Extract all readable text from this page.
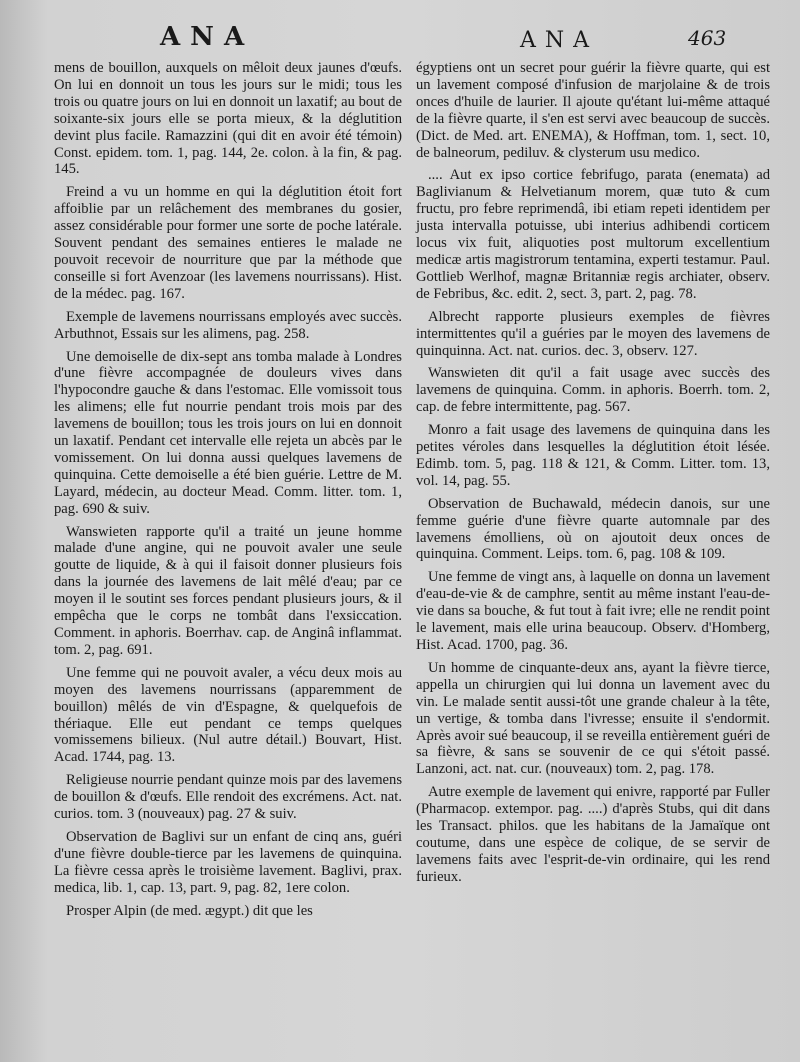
ANA	ANA	463

mens de bouillon, auxquels on mêloit deux jaunes d'œufs. On lui en donnoit un tous les jours sur le midi; tous les trois ou quatre jours on lui en donnoit un laxatif; au bout de soixante-six jours elle se porta mieux, & la déglutition devint plus facile. Ramazzini (qui dit en avoir été témoin) Const. epidem. tom. 1, pag. 144, 2e. colon. à la fin, & pag. 145.

Freind a vu un homme en qui la déglutition étoit fort affoiblie par un relâchement des membranes du gosier, assez considérable pour former une sorte de poche latérale. Souvent pendant des semaines entieres le malade ne pouvoit recevoir de nourriture que par la méthode que conseille si fort Avenzoar (les lavemens nourrissans). Hist. de la médec. pag. 167.

Exemple de lavemens nourrissans employés avec succès. Arbuthnot, Essais sur les alimens, pag. 258.

Une demoiselle de dix-sept ans tomba malade à Londres d'une fièvre accompagnée de douleurs vives dans l'hypocondre gauche & dans l'estomac. Elle vomissoit tous les alimens; elle fut nourrie pendant trois mois par des lavemens de bouillon; tous les trois jours on lui en donnoit un laxatif. Pendant cet intervalle elle rejeta un abcès par le vomissement. On lui donna aussi quelques lavemens de quinquina. Cette demoiselle a été bien guérie. Lettre de M. Layard, médecin, au docteur Mead. Comm. litter. tom. 1, pag. 690 & suiv.

Wanswieten rapporte qu'il a traité un jeune homme malade d'une angine, qui ne pouvoit avaler une seule goutte de liquide, & à qui il faisoit donner plusieurs fois dans la journée des lavemens de lait mêlé d'eau; par ce moyen il le soutint ses forces pendant plusieurs jours, & il empêcha que le corps ne tombât dans l'exsiccation. Comment. in aphoris. Boerrhav. cap. de Anginâ inflammat. tom. 2, pag. 691.

Une femme qui ne pouvoit avaler, a vécu deux mois au moyen des lavemens nourrissans (apparemment de bouillon) mêlés de vin d'Espagne, & quelquefois de thériaque. Elle eut pendant ce temps quelques vomissemens bilieux. (Nul autre détail.) Bouvart, Hist. Acad. 1744, pag. 13.

Religieuse nourrie pendant quinze mois par des lavemens de bouillon & d'œufs. Elle rendoit des excrémens. Act. nat. curios. tom. 3 (nouveaux) pag. 27 & suiv.

Observation de Baglivi sur un enfant de cinq ans, guéri d'une fièvre double-tierce par les lavemens de quinquina. La fièvre cessa après le troisième lavement. Baglivi, prax. medica, lib. 1, cap. 13, part. 9, pag. 82, 1ere colon.

Prosper Alpin (de med. ægypt.) dit que les

égyptiens ont un secret pour guérir la fièvre quarte, qui est un lavement composé d'infusion de marjolaine & de trois onces d'huile de laurier. Il ajoute qu'étant lui-même attaqué de la fièvre quarte, il s'en est servi avec beaucoup de succès. (Dict. de Med. art. ENEMA), & Hoffman, tom. 1, sect. 10, de balneorum, pediluv. & clysterum usu medico.

.... Aut ex ipso cortice febrifugo, parata (enemata) ad Baglivianum & Helvetianum morem, quæ tuto & cum fructu, pro febre reprimendâ, ibi etiam repeti identidem per justa intervalla potuisse, ubi interius adhibendi corticem locus vix fuit, aliquoties post multorum excellentium medicæ artis magistrorum tentamina, experti testamur. Paul. Gottlieb Werlhof, magnæ Britanniæ regis archiater, observ. de Febribus, &c. edit. 2, sect. 3, part. 2, pag. 78.

Albrecht rapporte plusieurs exemples de fièvres intermittentes qu'il a guéries par le moyen des lavemens de quinquinna. Act. nat. curios. dec. 3, observ. 127.

Wanswieten dit qu'il a fait usage avec succès des lavemens de quinquina. Comm. in aphoris. Boerrh. tom. 2, cap. de febre intermittente, pag. 567.

Monro a fait usage des lavemens de quinquina dans les petites véroles dans lesquelles la déglutition étoit lésée. Edimb. tom. 5, pag. 118 & 121, & Comm. Litter. tom. 13, vol. 14, pag. 55.

Observation de Buchawald, médecin danois, sur une femme guérie d'une fièvre quarte automnale par des lavemens émolliens, où on ajoutoit deux onces de quinquina. Comment. Leips. tom. 6, pag. 108 & 109.

Une femme de vingt ans, à laquelle on donna un lavement d'eau-de-vie & de camphre, sentit au même instant l'eau-de-vie dans sa bouche, & fut tout à fait ivre; elle ne rendit point le lavement, mais elle urina beaucoup. Observ. d'Homberg, Hist. Acad. 1700, pag. 36.

Un homme de cinquante-deux ans, ayant la fièvre tierce, appella un chirurgien qui lui donna un lavement avec du vin. Le malade sentit aussi-tôt une grande chaleur à la tête, un vertige, & tomba dans l'ivresse; ensuite il s'endormit. Après avoir sué beaucoup, il se reveilla entièrement guéri de sa fièvre, & sans se souvenir de ce qui s'étoit passé. Lanzoni, act. nat. cur. (nouveaux) tom. 2, pag. 178.

Autre exemple de lavement qui enivre, rapporté par Fuller (Pharmacop. extempor. pag. ....) d'après Stubs, qui dit dans les Transact. philos. que les habitans de la Jamaïque ont coutume, dans une espèce de colique, de se servir de lavemens faits avec l'esprit-de-vin ordinaire, qui les rend furieux.
